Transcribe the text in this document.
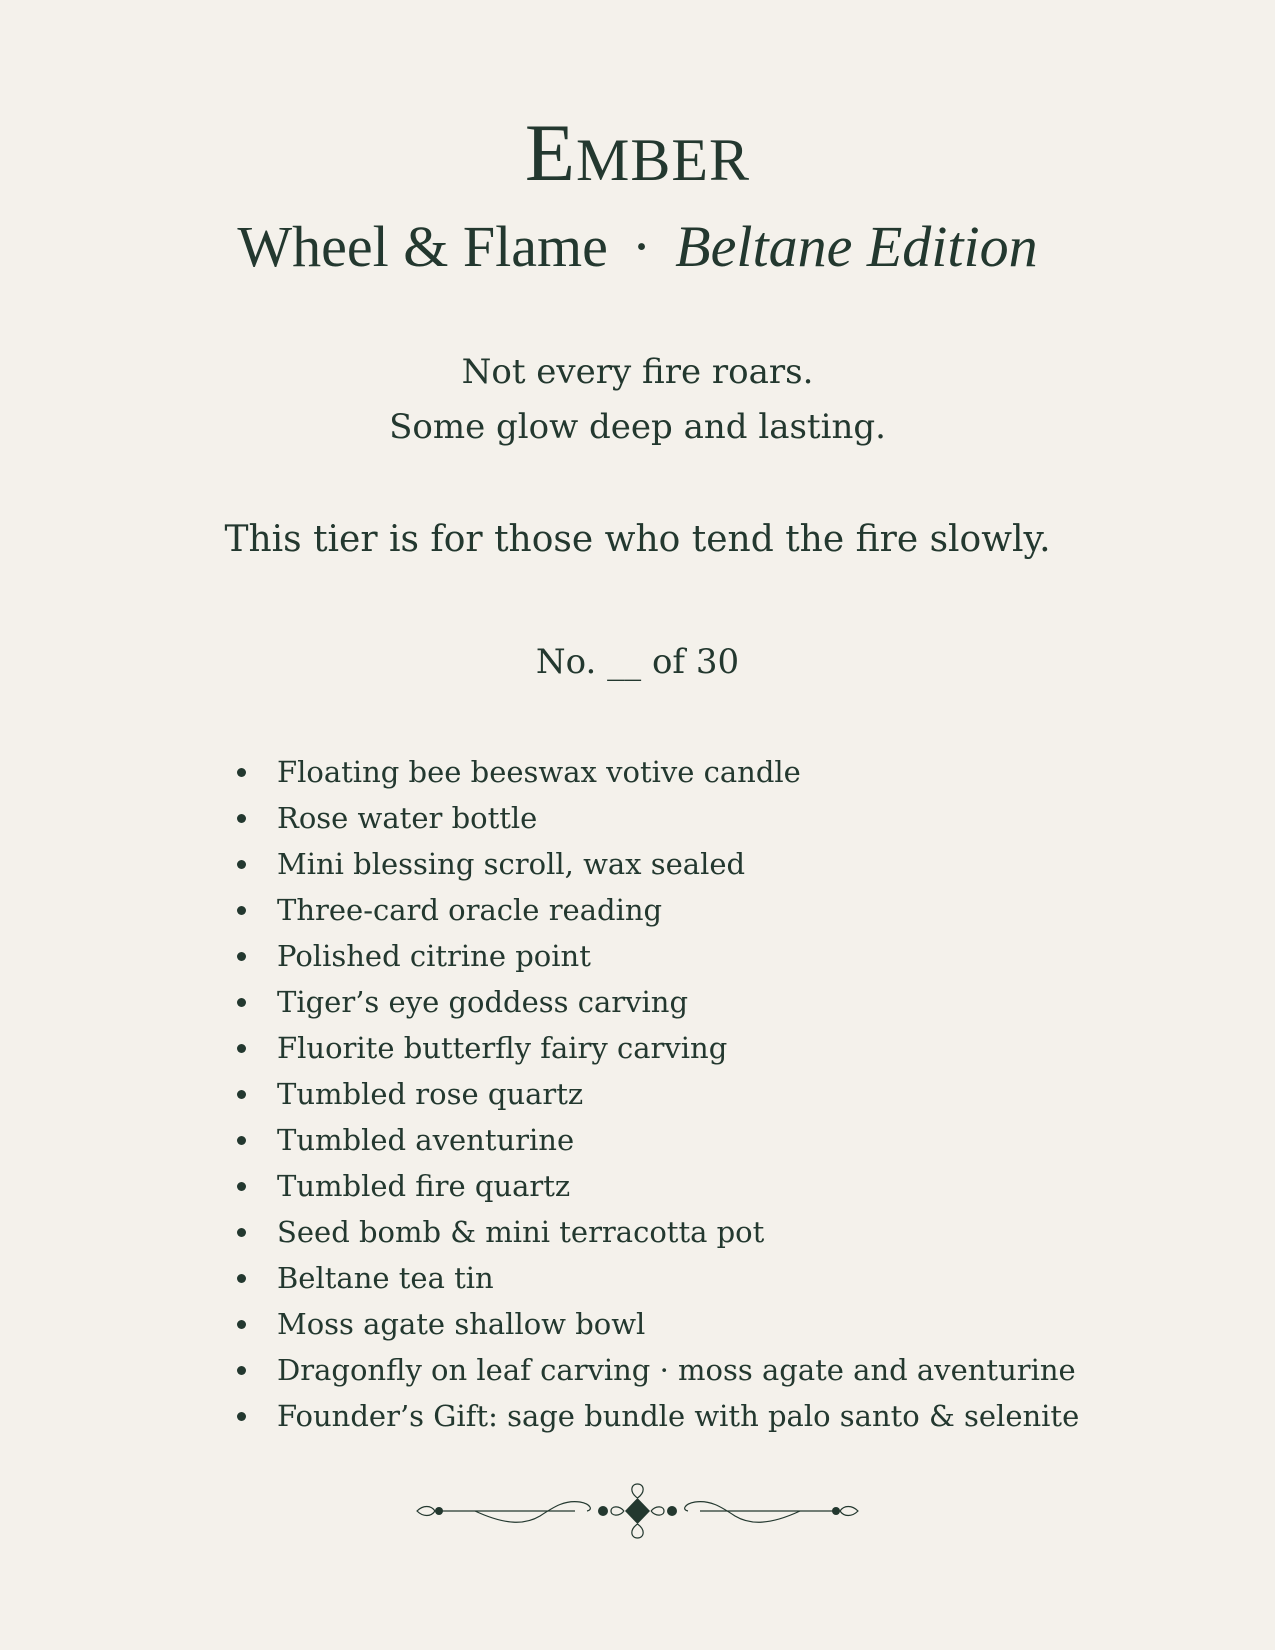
EMBER
Wheel & Flame · Beltane Edition
Not every fire roars.
Some glow deep and lasting.
This tier is for those who tend the fire slowly.
No. __ of 30
Floating bee beeswax votive candle
Rose water bottle
Mini blessing scroll, wax sealed
Three-card oracle reading
Polished citrine point
Tiger’s eye goddess carving
Fluorite butterfly fairy carving
Tumbled rose quartz
Tumbled aventurine
Tumbled fire quartz
Seed bomb & mini terracotta pot
Beltane tea tin
Moss agate shallow bowl
Dragonfly on leaf carving · moss agate and aventurine
Founder’s Gift: sage bundle with palo santo & selenite
